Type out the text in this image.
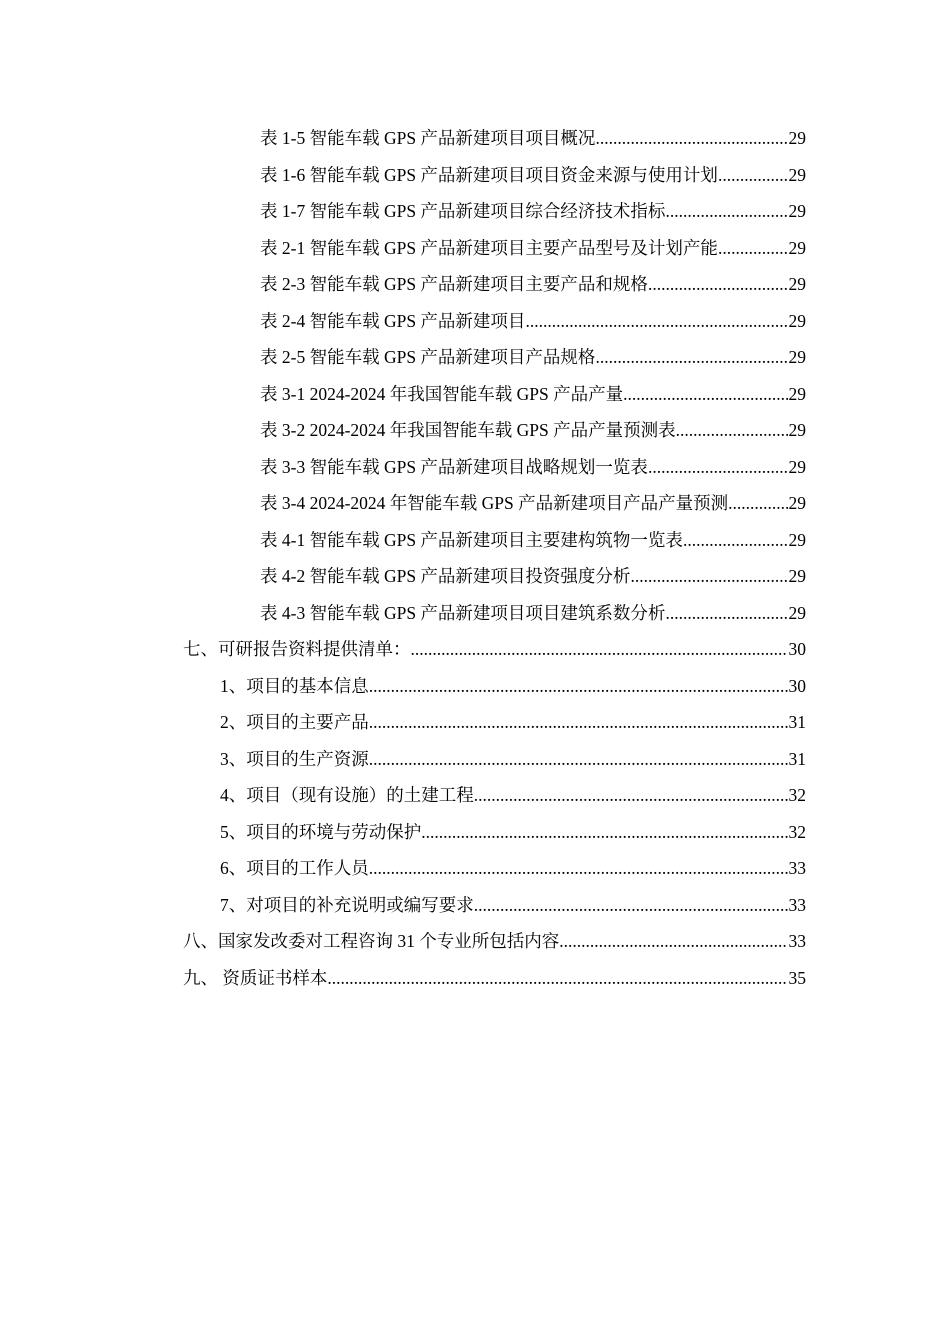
表 1-5 智能车载 GPS 产品新建项目项目概况 .....	29
表 1-6 智能车载 GPS 产品新建项目项目资金来源与使用计划 .....	29
表 1-7 智能车载 GPS 产品新建项目综合经济技术指标 .....	29
表 2-1 智能车载 GPS 产品新建项目主要产品型号及计划产能 .....	29
表 2-3 智能车载 GPS 产品新建项目主要产品和规格 .....	29
表 2-4 智能车载 GPS 产品新建项目 .....	29
表 2-5 智能车载 GPS 产品新建项目产品规格 .....	29
表 3-1 2024-2024 年我国智能车载 GPS 产品产量 .....	29
表 3-2 2024-2024 年我国智能车载 GPS 产品产量预测表 .....	29
表 3-3 智能车载 GPS 产品新建项目战略规划一览表 .....	29
表 3-4 2024-2024 年智能车载 GPS 产品新建项目产品产量预测 .....	29
表 4-1 智能车载 GPS 产品新建项目主要建构筑物一览表 .....	29
表 4-2 智能车载 GPS 产品新建项目投资强度分析 .....	29
表 4-3 智能车载 GPS 产品新建项目项目建筑系数分析 .....	29
七、可研报告资料提供清单： .....	30
1、项目的基本信息 .....	30
2、项目的主要产品 .....	31
3、项目的生产资源 .....	31
4、项目（现有设施）的土建工程 .....	32
5、项目的环境与劳动保护 .....	32
6、项目的工作人员 .....	33
7、对项目的补充说明或编写要求 .....	33
八、国家发改委对工程咨询 31 个专业所包括内容 .....	33
九、 资质证书样本 .....	35
